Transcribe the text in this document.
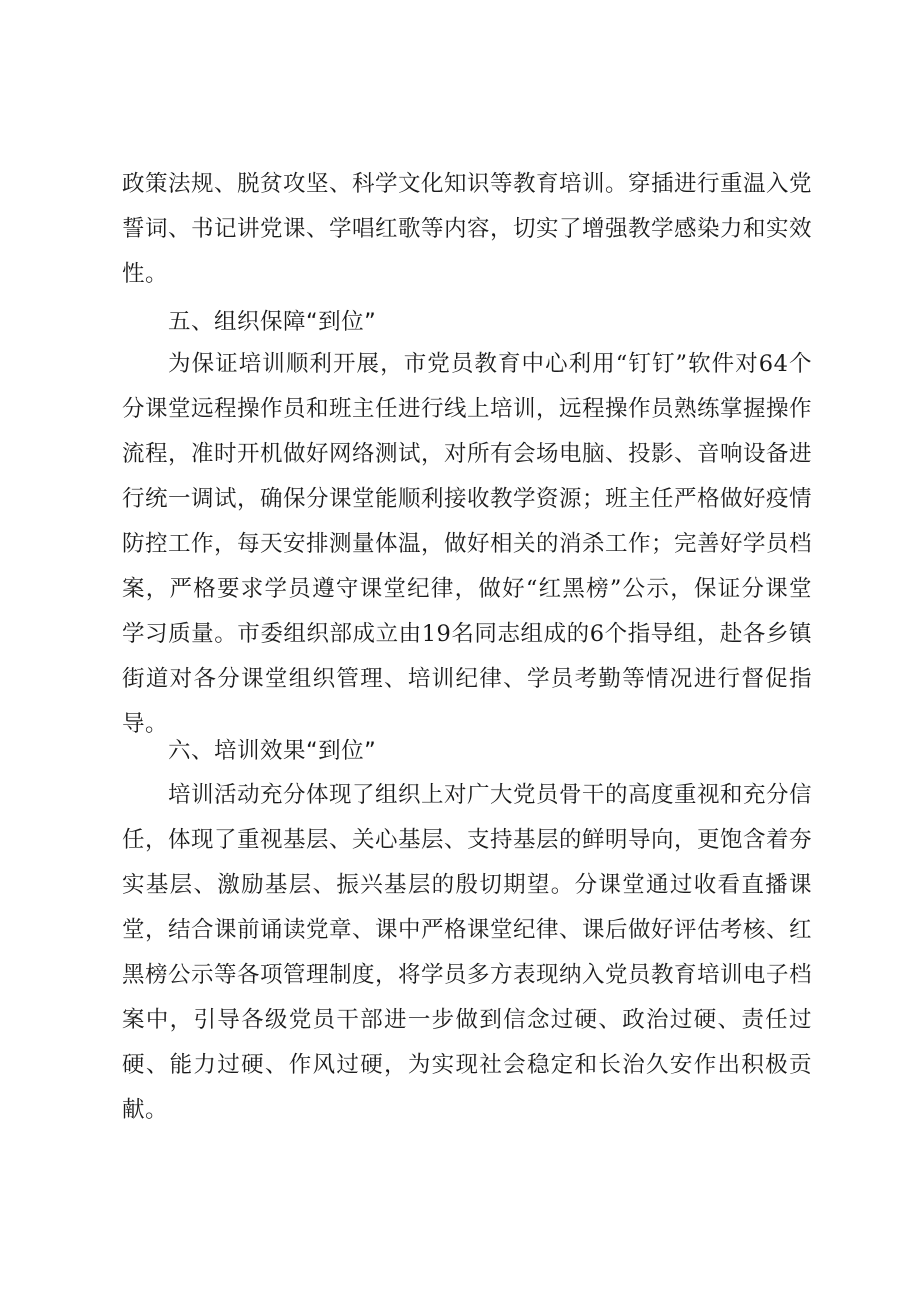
政策法规、脱贫攻坚、科学文化知识等教育培训。穿插进行重温入党誓词、书记讲党课、学唱红歌等内容，切实了增强教学感染力和实效性。

五、组织保障“到位”

为保证培训顺利开展，市党员教育中心利用“钉钉”软件对64个分课堂远程操作员和班主任进行线上培训，远程操作员熟练掌握操作流程，准时开机做好网络测试，对所有会场电脑、投影、音响设备进行统一调试，确保分课堂能顺利接收教学资源；班主任严格做好疫情防控工作，每天安排测量体温，做好相关的消杀工作；完善好学员档案，严格要求学员遵守课堂纪律，做好“红黑榜”公示，保证分课堂学习质量。市委组织部成立由19名同志组成的6个指导组，赴各乡镇街道对各分课堂组织管理、培训纪律、学员考勤等情况进行督促指导。

六、培训效果“到位”

培训活动充分体现了组织上对广大党员骨干的高度重视和充分信任，体现了重视基层、关心基层、支持基层的鲜明导向，更饱含着夯实基层、激励基层、振兴基层的殷切期望。分课堂通过收看直播课堂，结合课前诵读党章、课中严格课堂纪律、课后做好评估考核、红黑榜公示等各项管理制度，将学员多方表现纳入党员教育培训电子档案中，引导各级党员干部进一步做到信念过硬、政治过硬、责任过硬、能力过硬、作风过硬，为实现社会稳定和长治久安作出积极贡献。
